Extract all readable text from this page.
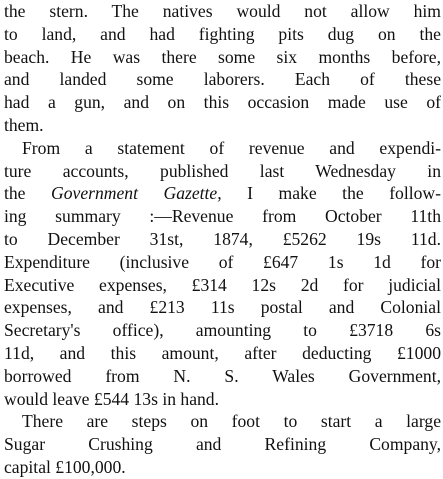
the stern. The natives would not allow him
to land, and had fighting pits dug on the
beach. He was there some six months before,
and landed some laborers. Each of these
had a gun, and on this occasion made use of
them.
From a statement of revenue and expendi-
ture accounts, published last Wednesday in
the Government Gazette, I make the follow-
ing summary :—Revenue from October 11th
to December 31st, 1874, £5262 19s 11d.
Expenditure (inclusive of £647 1s 1d for
Executive expenses, £314 12s 2d for judicial
expenses, and £213 11s postal and Colonial
Secretary's office), amounting to £3718 6s
11d, and this amount, after deducting £1000
borrowed from N. S. Wales Government,
would leave £544 13s in hand.
There are steps on foot to start a large
Sugar Crushing and Refining Company,
capital £100,000.
